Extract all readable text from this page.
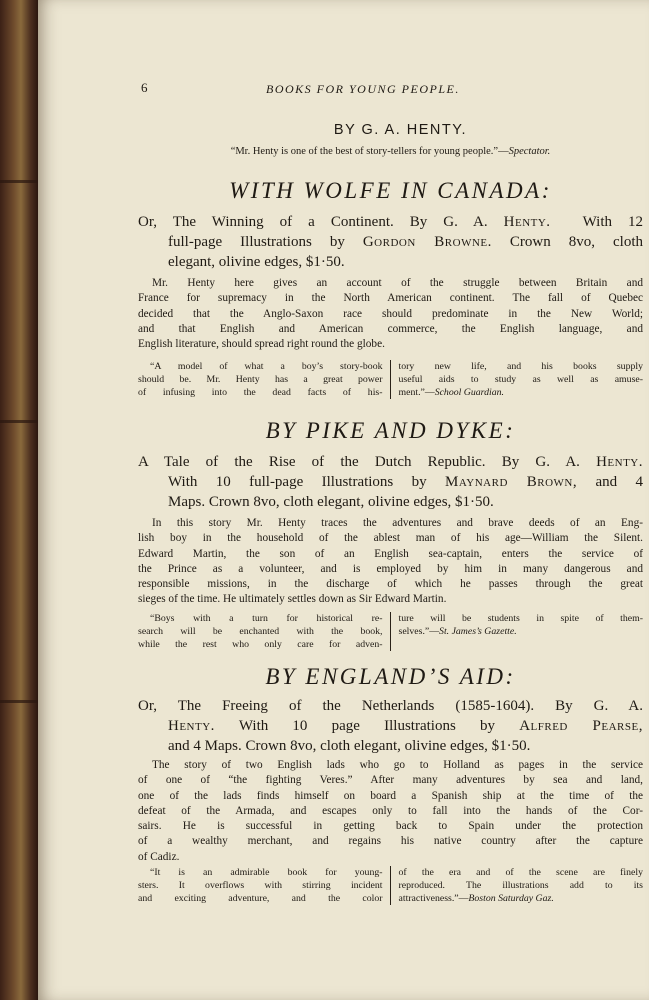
6	BOOKS FOR YOUNG PEOPLE.
BY G. A. HENTY.
“Mr. Henty is one of the best of story-tellers for young people.”—Spectator.
WITH WOLFE IN CANADA:
Or, The Winning of a Continent. By G. A. Henty. With 12
full-page Illustrations by Gordon Browne. Crown 8vo, cloth
elegant, olivine edges, $1·50.
Mr. Henty here gives an account of the struggle between Britain and
France for supremacy in the North American continent. The fall of Quebec
decided that the Anglo-Saxon race should predominate in the New World;
and that English and American commerce, the English language, and
English literature, should spread right round the globe.
“A model of what a boy’s story-book
should be. Mr. Henty has a great power
of infusing into the dead facts of his-
tory new life, and his books supply
useful aids to study as well as amuse-
ment.”—School Guardian.
BY PIKE AND DYKE:
A Tale of the Rise of the Dutch Republic. By G. A. Henty.
With 10 full-page Illustrations by Maynard Brown, and 4
Maps. Crown 8vo, cloth elegant, olivine edges, $1·50.
In this story Mr. Henty traces the adventures and brave deeds of an Eng-
lish boy in the household of the ablest man of his age—William the Silent.
Edward Martin, the son of an English sea-captain, enters the service of
the Prince as a volunteer, and is employed by him in many dangerous and
responsible missions, in the discharge of which he passes through the great
sieges of the time. He ultimately settles down as Sir Edward Martin.
“Boys with a turn for historical re-
search will be enchanted with the book,
while the rest who only care for adven-
ture will be students in spite of them-
selves.”—St. James’s Gazette.
BY ENGLAND’S AID:
Or, The Freeing of the Netherlands (1585-1604). By G. A.
Henty. With 10 page Illustrations by Alfred Pearse,
and 4 Maps. Crown 8vo, cloth elegant, olivine edges, $1·50.
The story of two English lads who go to Holland as pages in the service
of one of “the fighting Veres.” After many adventures by sea and land,
one of the lads finds himself on board a Spanish ship at the time of the
defeat of the Armada, and escapes only to fall into the hands of the Cor-
sairs. He is successful in getting back to Spain under the protection
of a wealthy merchant, and regains his native country after the capture
of Cadiz.
“It is an admirable book for young-
sters. It overflows with stirring incident
and exciting adventure, and the color
of the era and of the scene are finely
reproduced. The illustrations add to its
attractiveness.”—Boston Saturday Gaz.
